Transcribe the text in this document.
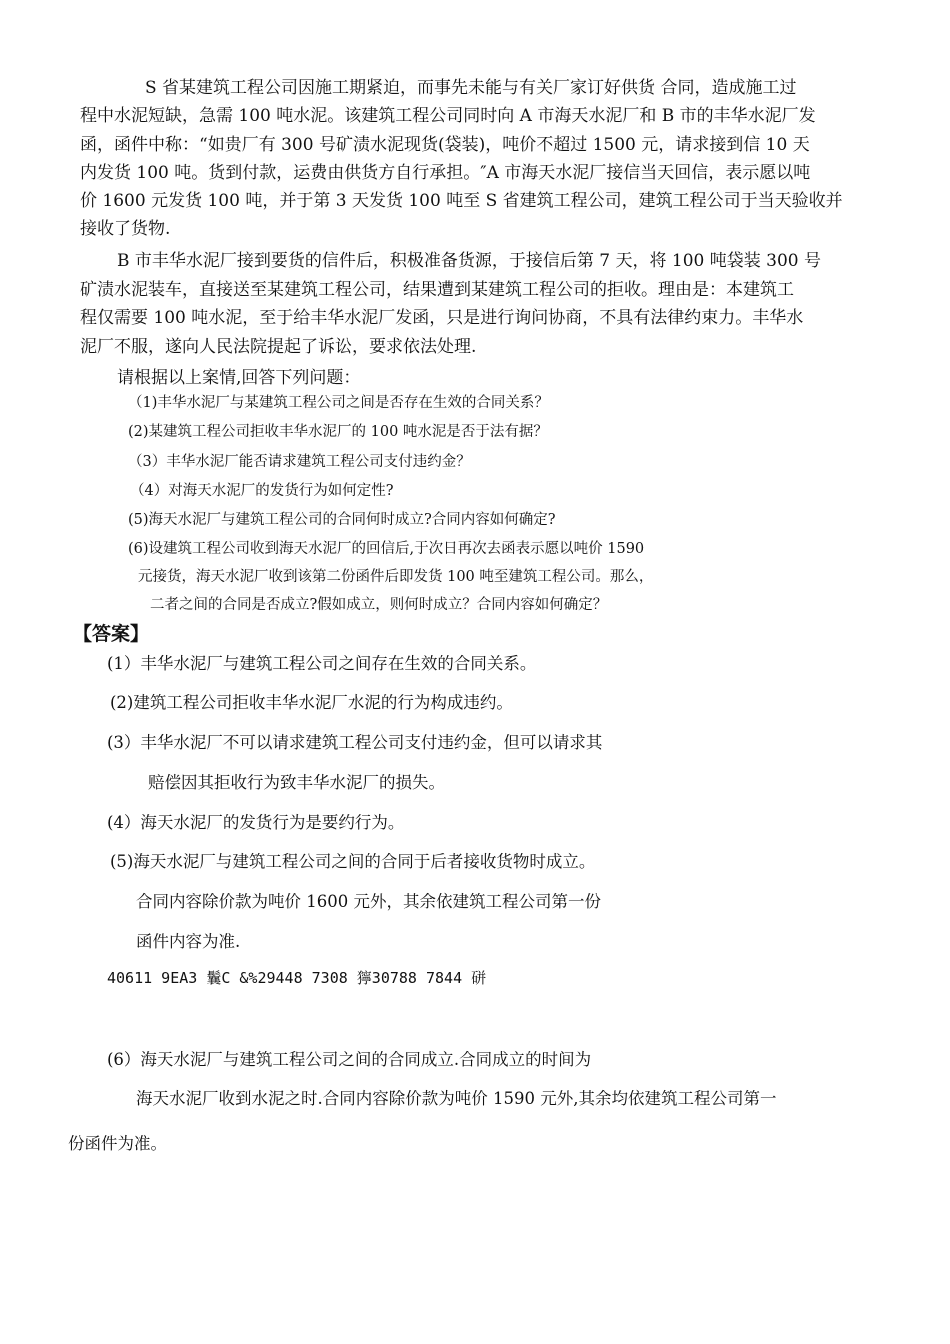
S 省某建筑工程公司因施工期紧迫，而事先未能与有关厂家订好供货 合同，造成施工过

程中水泥短缺，急需 100 吨水泥。该建筑工程公司同时向 A 市海天水泥厂和 B 市的丰华水泥厂发

函，函件中称：“如贵厂有 300 号矿渍水泥现货(袋装)，吨价不超过 1500 元，请求接到信 10 天

内发货 100 吨。货到付款，运费由供货方自行承担。″A 市海天水泥厂接信当天回信，表示愿以吨

价 1600 元发货 100 吨，并于第 3 天发货 100 吨至 S 省建筑工程公司，建筑工程公司于当天验收并

接收了货物.

B 市丰华水泥厂接到要货的信件后，积极准备货源，于接信后第 7 天，将 100 吨袋装 300 号

矿渍水泥装车，直接送至某建筑工程公司，结果遭到某建筑工程公司的拒收。理由是：本建筑工

程仅需要 100 吨水泥，至于给丰华水泥厂发函，只是进行询问协商，不具有法律约束力。丰华水

泥厂不服，遂向人民法院提起了诉讼，要求依法处理.

请根据以上案情,回答下列问题：

（1)丰华水泥厂与某建筑工程公司之间是否存在生效的合同关系？

(2)某建筑工程公司拒收丰华水泥厂的 100 吨水泥是否于法有据？

（3）丰华水泥厂能否请求建筑工程公司支付违约金？

（4）对海天水泥厂的发货行为如何定性?

(5)海天水泥厂与建筑工程公司的合同何时成立?合同内容如何确定?

(6)设建筑工程公司收到海天水泥厂的回信后,于次日再次去函表示愿以吨价 1590

元接货，海天水泥厂收到该第二份函件后即发货 100 吨至建筑工程公司。那么，

二者之间的合同是否成立?假如成立，则何时成立？合同内容如何确定？

【答案】

(1）丰华水泥厂与建筑工程公司之间存在生效的合同关系。

(2)建筑工程公司拒收丰华水泥厂水泥的行为构成违约。

(3）丰华水泥厂不可以请求建筑工程公司支付违约金，但可以请求其

赔偿因其拒收行为致丰华水泥厂的损失。

(4）海天水泥厂的发货行为是要约行为。

(5)海天水泥厂与建筑工程公司之间的合同于后者接收货物时成立。

合同内容除价款为吨价 1600 元外，其余依建筑工程公司第一份

函件内容为准.

40611 9EA3 鬤C &%29448 7308 獰30788 7844 硑

(6）海天水泥厂与建筑工程公司之间的合同成立.合同成立的时间为

海天水泥厂收到水泥之时.合同内容除价款为吨价 1590 元外,其余均依建筑工程公司第一

份函件为准。
